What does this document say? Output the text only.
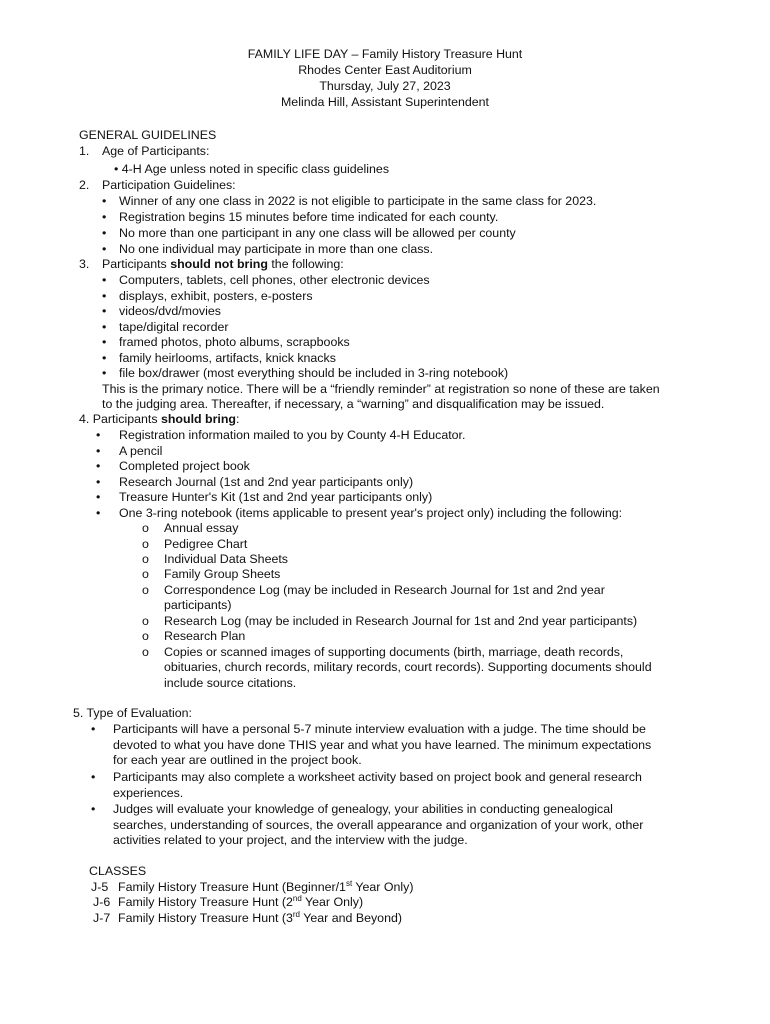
FAMILY LIFE DAY – Family History Treasure Hunt
Rhodes Center East Auditorium
Thursday, July 27, 2023
Melinda Hill, Assistant Superintendent
GENERAL GUIDELINES
1. Age of Participants:
• 4-H Age unless noted in specific class guidelines
2. Participation Guidelines:
• Winner of any one class in 2022 is not eligible to participate in the same class for 2023.
• Registration begins 15 minutes before time indicated for each county.
• No more than one participant in any one class will be allowed per county
• No one individual may participate in more than one class.
3. Participants should not bring the following:
• Computers, tablets, cell phones, other electronic devices
• displays, exhibit, posters, e-posters
• videos/dvd/movies
• tape/digital recorder
• framed photos, photo albums, scrapbooks
• family heirlooms, artifacts, knick knacks
• file box/drawer (most everything should be included in 3-ring notebook)
This is the primary notice. There will be a “friendly reminder” at registration so none of these are taken
to the judging area. Thereafter, if necessary, a “warning” and disqualification may be issued.
4. Participants should bring:
• Registration information mailed to you by County 4-H Educator.
• A pencil
• Completed project book
• Research Journal (1st and 2nd year participants only)
• Treasure Hunter's Kit (1st and 2nd year participants only)
• One 3-ring notebook (items applicable to present year's project only) including the following:
o Annual essay
o Pedigree Chart
o Individual Data Sheets
o Family Group Sheets
o Correspondence Log (may be included in Research Journal for 1st and 2nd year
participants)
o Research Log (may be included in Research Journal for 1st and 2nd year participants)
o Research Plan
o Copies or scanned images of supporting documents (birth, marriage, death records,
obituaries, church records, military records, court records). Supporting documents should
include source citations.
5. Type of Evaluation:
• Participants will have a personal 5-7 minute interview evaluation with a judge. The time should be
devoted to what you have done THIS year and what you have learned. The minimum expectations
for each year are outlined in the project book.
• Participants may also complete a worksheet activity based on project book and general research
experiences.
• Judges will evaluate your knowledge of genealogy, your abilities in conducting genealogical
searches, understanding of sources, the overall appearance and organization of your work, other
activities related to your project, and the interview with the judge.
CLASSES
J-5 Family History Treasure Hunt (Beginner/1st Year Only)
J-6 Family History Treasure Hunt (2nd Year Only)
J-7 Family History Treasure Hunt (3rd Year and Beyond)
